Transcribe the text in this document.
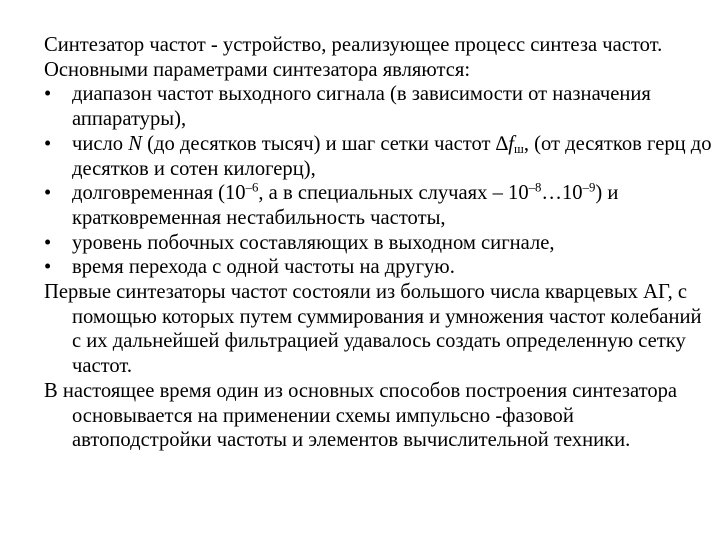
Синтезатор частот - устройство, реализующее процесс синтеза частот.

Основными параметрами синтезатора являются:

•	диапазон частот выходного сигнала (в зависимости от назначения аппаратуры),
•	число N (до десятков тысяч) и шаг сетки частот $\Delta f_ш$, (от десятков герц до десятков и сотен килогерц),
•	долговременная ($10^{-6}$, а в специальных случаях – $10^{-8}\dots 10^{-9}$) и кратковременная нестабильность частоты,
•	уровень побочных составляющих в выходном сигнале,
•	время перехода с одной частоты на другую.

Первые синтезаторы частот состояли из большого числа кварцевых АГ, с помощью которых путем суммирования и умножения частот колебаний с их дальнейшей фильтрацией удавалось создать определенную сетку частот.

В настоящее время один из основных способов построения синтезатора основывается на применении схемы импульсно -фазовой автоподстройки частоты и элементов вычислительной техники.
